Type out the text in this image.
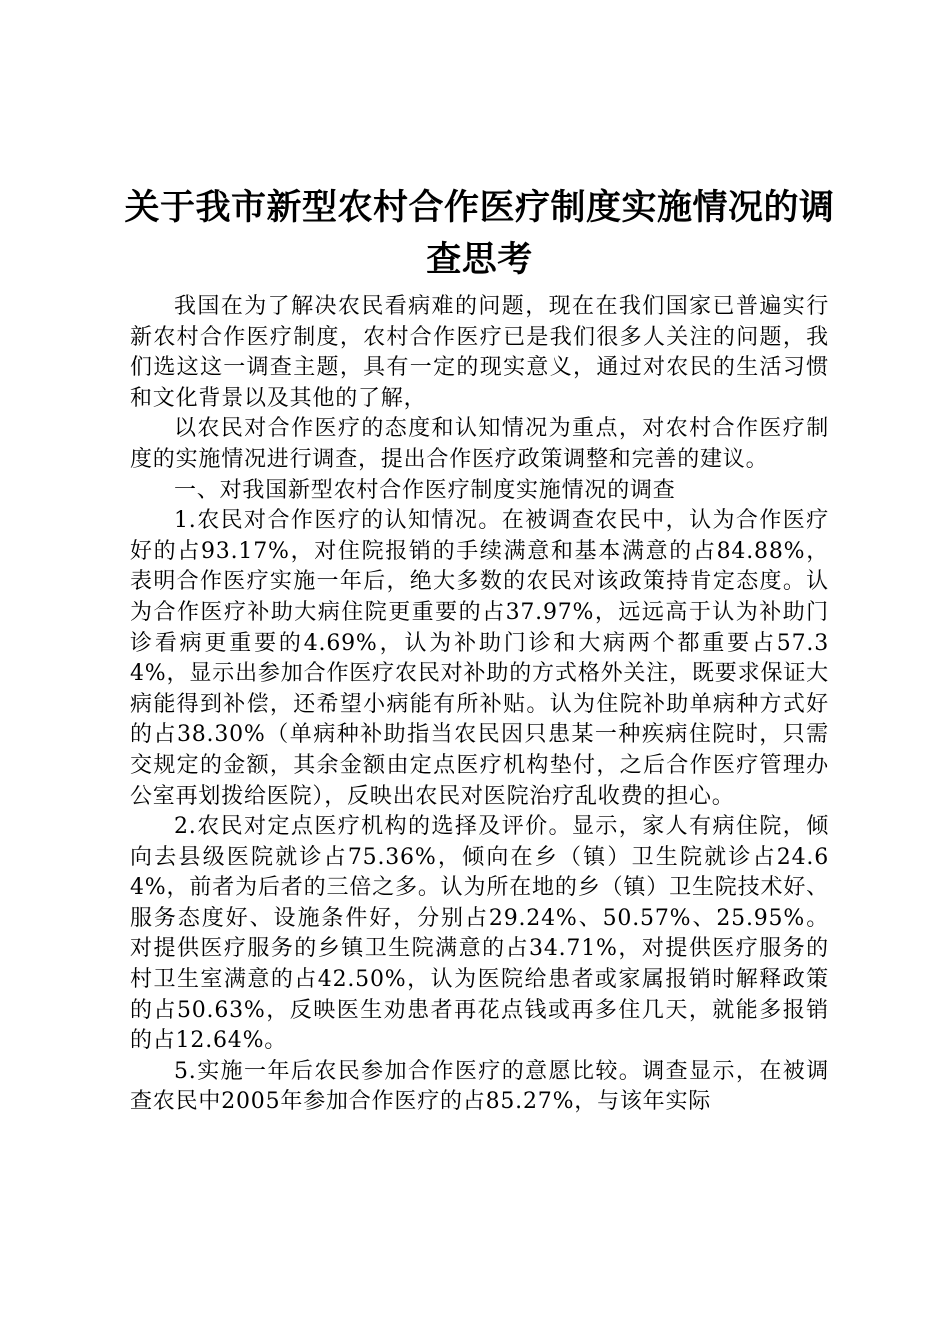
关于我市新型农村合作医疗制度实施情况的调
查思考

我国在为了解决农民看病难的问题，现在在我们国家已普遍实行新农村合作医疗制度，农村合作医疗已是我们很多人关注的问题，我们选这这一调查主题，具有一定的现实意义，通过对农民的生活习惯和文化背景以及其他的了解，

以农民对合作医疗的态度和认知情况为重点，对农村合作医疗制度的实施情况进行调查，提出合作医疗政策调整和完善的建议。

一、对我国新型农村合作医疗制度实施情况的调查

1.农民对合作医疗的认知情况。在被调查农民中，认为合作医疗好的占93.17%，对住院报销的手续满意和基本满意的占84.88%，表明合作医疗实施一年后，绝大多数的农民对该政策持肯定态度。认为合作医疗补助大病住院更重要的占37.97%，远远高于认为补助门诊看病更重要的4.69%，认为补助门诊和大病两个都重要占57.34%，显示出参加合作医疗农民对补助的方式格外关注，既要求保证大病能得到补偿，还希望小病能有所补贴。认为住院补助单病种方式好的占38.30%（单病种补助指当农民因只患某一种疾病住院时，只需交规定的金额，其余金额由定点医疗机构垫付，之后合作医疗管理办公室再划拨给医院），反映出农民对医院治疗乱收费的担心。

2.农民对定点医疗机构的选择及评价。显示，家人有病住院，倾向去县级医院就诊占75.36%，倾向在乡（镇）卫生院就诊占24.64%，前者为后者的三倍之多。认为所在地的乡（镇）卫生院技术好、服务态度好、设施条件好，分别占29.24%、50.57%、25.95%。对提供医疗服务的乡镇卫生院满意的占34.71%，对提供医疗服务的村卫生室满意的占42.50%，认为医院给患者或家属报销时解释政策的占50.63%，反映医生劝患者再花点钱或再多住几天，就能多报销的占12.64%。

5.实施一年后农民参加合作医疗的意愿比较。调查显示，在被调查农民中2005年参加合作医疗的占85.27%，与该年实际
